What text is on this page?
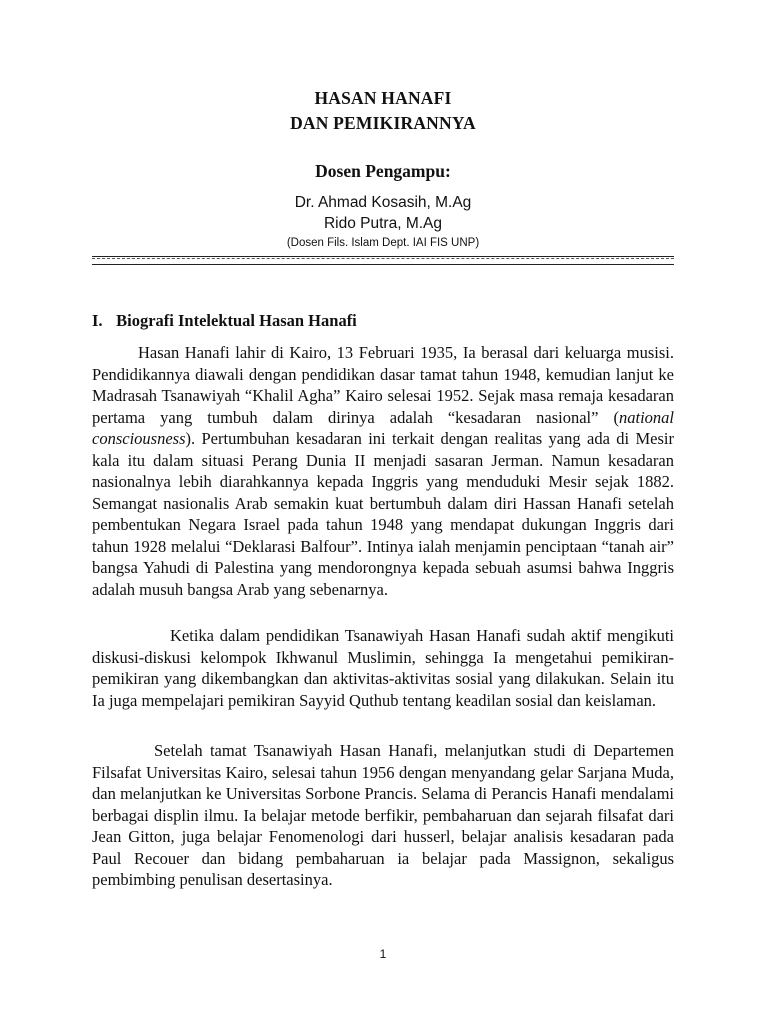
HASAN HANAFI
DAN PEMIKIRANNYA

Dosen Pengampu:

Dr. Ahmad Kosasih, M.Ag

Rido Putra, M.Ag

(Dosen Fils. Islam Dept. IAI FIS UNP)

I. Biografi Intelektual Hasan Hanafi

Hasan Hanafi lahir di Kairo, 13 Februari 1935, Ia berasal dari keluarga musisi. Pendidikannya diawali dengan pendidikan dasar tamat tahun 1948, kemudian lanjut ke Madrasah Tsanawiyah “Khalil Agha” Kairo selesai 1952. Sejak masa remaja kesadaran pertama yang tumbuh dalam dirinya adalah “kesadaran nasional” (national consciousness). Pertumbuhan kesadaran ini terkait dengan realitas yang ada di Mesir kala itu dalam situasi Perang Dunia II menjadi sasaran Jerman. Namun kesadaran nasionalnya lebih diarahkannya kepada Inggris yang menduduki Mesir sejak 1882. Semangat nasionalis Arab semakin kuat bertumbuh dalam diri Hassan Hanafi setelah pembentukan Negara Israel pada tahun 1948 yang mendapat dukungan Inggris dari tahun 1928 melalui “Deklarasi Balfour”. Intinya ialah menjamin penciptaan “tanah air” bangsa Yahudi di Palestina yang mendorongnya kepada sebuah asumsi bahwa Inggris adalah musuh bangsa Arab yang sebenarnya.

Ketika dalam pendidikan Tsanawiyah Hasan Hanafi sudah aktif mengikuti diskusi-diskusi kelompok Ikhwanul Muslimin, sehingga Ia mengetahui pemikiran-pemikiran yang dikembangkan dan aktivitas-aktivitas sosial yang dilakukan. Selain itu Ia juga mempelajari pemikiran Sayyid Quthub tentang keadilan sosial dan keislaman.

Setelah tamat Tsanawiyah Hasan Hanafi, melanjutkan studi di Departemen Filsafat Universitas Kairo, selesai tahun 1956 dengan menyandang gelar Sarjana Muda, dan melanjutkan ke Universitas Sorbone Prancis. Selama di Perancis Hanafi mendalami berbagai displin ilmu. Ia belajar metode berfikir, pembaharuan dan sejarah filsafat dari Jean Gitton, juga belajar Fenomenologi dari husserl, belajar analisis kesadaran pada Paul Recouer dan bidang pembaharuan ia belajar pada Massignon, sekaligus pembimbing penulisan desertasinya.

1
